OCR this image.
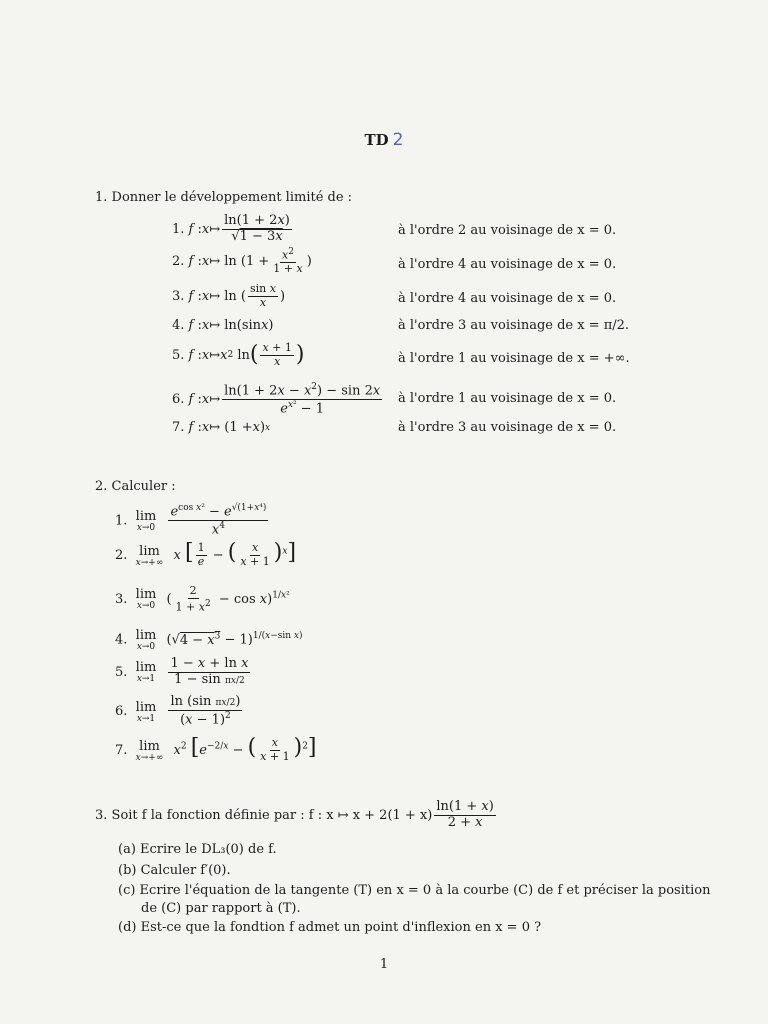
TD 2
1. Donner le développement limité de :
1.
f : x ↦ $\frac{\ln(1 + 2x)}{√1 - 3x}$	à l'ordre 2 au voisinage de x = 0.
2.
f : x ↦ $\ln (1 + \frac{x^2}{1 + x}$ )	à l'ordre 4 au voisinage de x = 0.
3.
f : x ↦ ln ( $\frac{\text{sin x}}{x}$ )	à l'ordre 4 au voisinage de x = 0.
4.
f : x ↦ ln(sin x )	à l'ordre 3 au voisinage de x = π/2.
5.
f : x ↦ x 2 ln ( $\frac{x + 1}{x}$ )	à l'ordre 1 au voisinage de x = +∞.
6.
f : x ↦ $\frac{\ln(1 + 2x - x^2) - \sin 2x}{e^{x^2} - 1}$ à l'ordre 1 au voisinage de x = 0.
7.
f : x ↦ (1 + x ) x	à l'ordre 3 au voisinage de x = 0.
2. Calculer :
1. lim
x→0
$\frac{e^{cos x^2} - e^{√(1+x^4)}}{x^4}$
2. lim
x→+∞ x [ $\frac{1}{e}$ − ( $\frac{x}{x + 1} )^x$]
3. lim
x→0 ( $\frac{2}{1 + x^2} - \cos x)^{1/x^2}$
4. lim
x→0 $(√4 - x^3 - 1)^{1/(x-sin x)}$
5. lim
x→1
$\frac{\text{1 − x + ln x}}{\text{1 − sin πx/2}}$
6. lim
x→1
$\frac{\text{ln (sin πx/2)}}{(x - 1)^2}$
7. lim
x→+∞ $x^2$ [$e^{-2/x}$ − ( $\frac{x}{x + 1} )^2$]
3. Soit f la fonction définie par : f : x ↦ $x + 2(1 + x) \frac{\ln(1 + x)}{2 + x}$
(a) Ecrire le DL₃(0) de f.
(b) Calculer f′(0).
(c) Ecrire l'équation de la tangente (T) en x = 0 à la courbe (C) de f et préciser la position
de (C) par rapport à (T).
(d) Est-ce que la fondtion f admet un point d'inflexion en x = 0 ?
1
